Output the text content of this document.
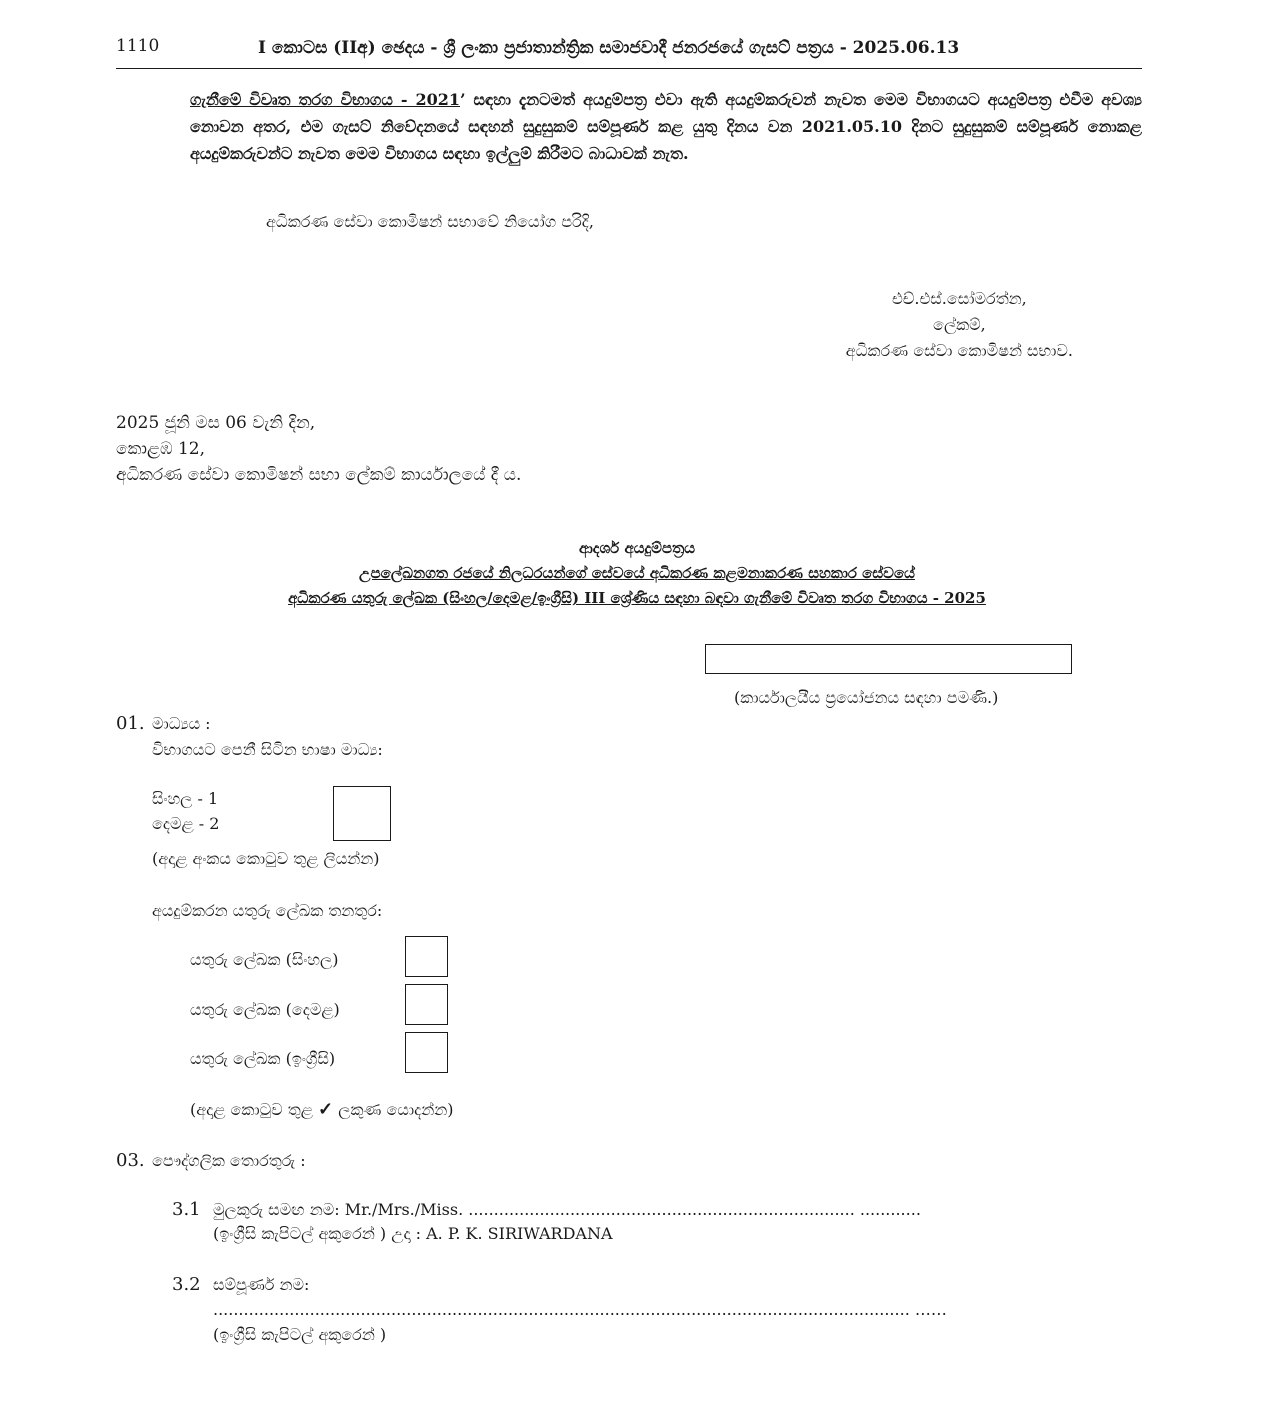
1110	I කොටස (IIඅ) ඡෙදය - ශ්‍රී ලංකා ප්‍රජාතාන්ත්‍රික සමාජවාදී ජනරජයේ ගැසට් පත්‍රය - 2025.06.13
ගැනීමේ විවෘත තරග විභාගය - 2021’ සඳහා දැනටමත් අයදුම්පත්‍ර එවා ඇති අයදුම්කරුවන් නැවත මෙම විභාගයට අයදුම්පත්‍ර එවීම අවශ්‍ය නොවන අතර, එම ගැසට් නිවේදනයේ සඳහන් සුදුසුකම් සම්පූර්ණ කළ යුතු දිනය වන 2021.05.10 දිනට සුදුසුකම් සම්පූර්ණ නොකළ අයදුම්කරුවන්ට නැවත මෙම විභාගය සඳහා ඉල්ලුම් කිරීමට බාධාවක් නැත.
අධිකරණ සේවා කොමිෂන් සභාවේ නියෝග පරිදි,
එච්.එස්.සෝමරත්න,
ලේකම්,
අධිකරණ සේවා කොමිෂන් සභාව.
2025 ජූනි මස 06 වැනි දින,
කොළඹ 12,
අධිකරණ සේවා කොමිෂන් සභා ලේකම් කාර්යාලයේ දී ය.
ආදර්ශ අයදුම්පත්‍රය
උපලේඛනගත රජයේ නිලධරයන්ගේ සේවයේ අධිකරණ කළමනාකරණ සහකාර සේවයේ
අධිකරණ යතුරු ලේඛක (සිංහල/දෙමළ/ඉංග්‍රීසි) III ශ්‍රේණිය සඳහා බඳවා ගැනීමේ විවෘත තරග විභාගය - 2025
(කාර්යාලයීය ප්‍රයෝජනය සඳහා පමණි.)
01. මාධ්‍යය :
විභාගයට පෙනී සිටින භාෂා මාධ්‍ය:
සිංහල - 1
දෙමළ - 2
(අදාළ අංකය කොටුව තුළ ලියන්න)
අයදුම්කරන යතුරු ලේඛක තනතුර:
යතුරු ලේඛක (සිංහල)
යතුරු ලේඛක (දෙමළ)
යතුරු ලේඛක (ඉංග්‍රීසි)
(අදාළ කොටුව තුළ ✓ ලකුණ යොදන්න)
03. පෞද්ගලික තොරතුරු :
3.1 මුලකුරු සමඟ නම: Mr./Mrs./Miss. ............................................................................ ............
(ඉංග්‍රීසි කැපිටල් අකුරෙන් ) උදා : A. P. K. SIRIWARDANA
3.2 සම්පූර්ණ නම:
......................................................................................................................................... ……
(ඉංග්‍රීසි කැපිටල් අකුරෙන් )
